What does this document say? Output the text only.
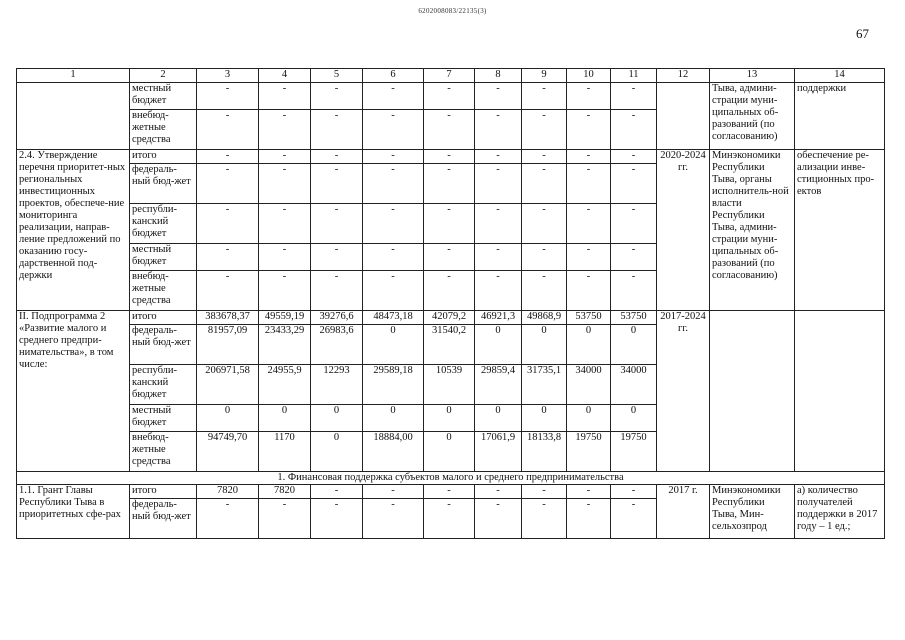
6202008083/22135(3)
67
1	2	3	4	5	6	7	8	9	10	11	12	13	14
	местный бюджет	-	-	-	-	-	-	-	-	-		Тыва, админи-страции муни-ципальных об-разований (по согласованию)	поддержки
	внебюд-жетные средства	-	-	-	-	-	-	-	-	-			
2.4. Утверждение перечня приоритет-ных региональных инвестиционных проектов, обеспече-ние мониторинга реализации, направ-ление предложений по оказанию госу-дарственной под-держки	итого	-	-	-	-	-	-	-	-	-	2020-2024 гг.	Минэкономики Республики Тыва, органы исполнитель-ной власти Республики Тыва, админи-страции муни-ципальных об-разований (по согласованию)	обеспечение ре-ализации инве-стиционных про-ектов
	федераль-ный бюд-жет	-	-	-	-	-	-	-	-	-			
	республи-канский бюджет	-	-	-	-	-	-	-	-	-			
	местный бюджет	-	-	-	-	-	-	-	-	-			
	внебюд-жетные средства	-	-	-	-	-	-	-	-	-			
II. Подпрограмма 2 «Развитие малого и среднего предпри-нимательства», в том числе:	итого	383678,37	49559,19	39276,6	48473,18	42079,2	46921,3	49868,9	53750	53750	2017-2024 гг.		
	федераль-ный бюд-жет	81957,09	23433,29	26983,6	0	31540,2	0	0	0	0			
	республи-канский бюджет	206971,58	24955,9	12293	29589,18	10539	29859,4	31735,1	34000	34000			
	местный бюджет	0	0	0	0	0	0	0	0	0			
	внебюд-жетные средства	94749,70	1170	0	18884,00	0	17061,9	18133,8	19750	19750			
1. Финансовая поддержка субъектов малого и среднего предпринимательства													
1.1. Грант Главы Республики Тыва в приоритетных сфе-рах	итого	7820	7820	-	-	-	-	-	-	-	2017 г.	Минэкономики Республики Тыва, Мин-сельхозпрод	а) количество получателей поддержки в 2017 году – 1 ед.;
	федераль-ный бюд-жет	-	-	-	-	-	-	-	-	-			
